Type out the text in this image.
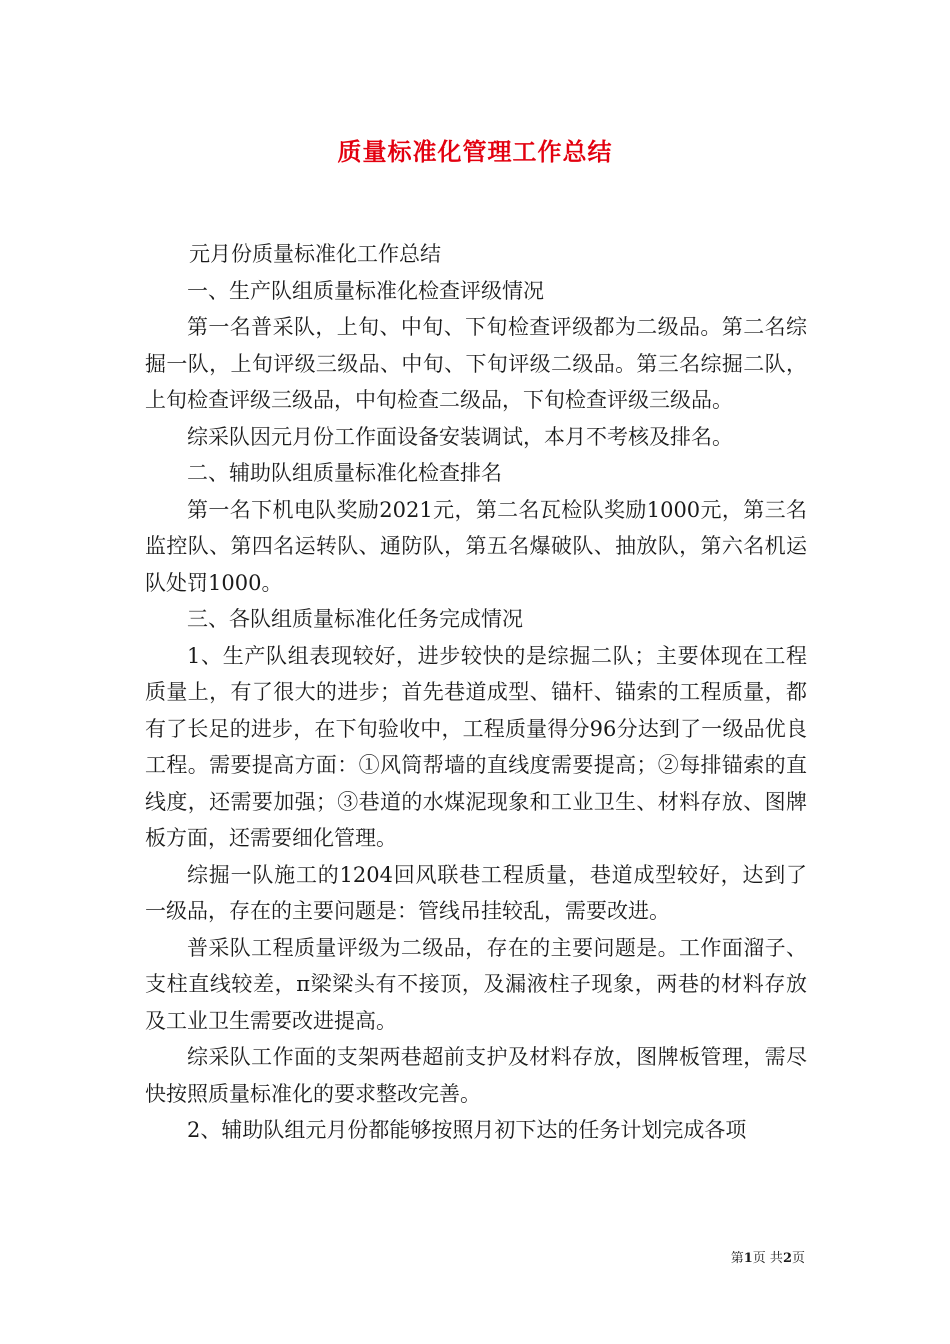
质量标准化管理工作总结

元月份质量标准化工作总结

一、生产队组质量标准化检查评级情况

第一名普采队，上旬、中旬、下旬检查评级都为二级品。第二名综掘一队，上旬评级三级品、中旬、下旬评级二级品。第三名综掘二队，上旬检查评级三级品，中旬检查二级品，下旬检查评级三级品。

综采队因元月份工作面设备安装调试，本月不考核及排名。

二、辅助队组质量标准化检查排名

第一名下机电队奖励2021元，第二名瓦检队奖励1000元，第三名监控队、第四名运转队、通防队，第五名爆破队、抽放队，第六名机运队处罚1000。

三、各队组质量标准化任务完成情况

1、生产队组表现较好，进步较快的是综掘二队；主要体现在工程质量上，有了很大的进步；首先巷道成型、锚杆、锚索的工程质量，都有了长足的进步，在下旬验收中，工程质量得分96分达到了一级品优良工程。需要提高方面：①风筒帮墙的直线度需要提高；②每排锚索的直线度，还需要加强；③巷道的水煤泥现象和工业卫生、材料存放、图牌板方面，还需要细化管理。

综掘一队施工的1204回风联巷工程质量，巷道成型较好，达到了一级品，存在的主要问题是：管线吊挂较乱，需要改进。

普采队工程质量评级为二级品，存在的主要问题是。工作面溜子、支柱直线较差，π梁梁头有不接顶，及漏液柱子现象，两巷的材料存放及工业卫生需要改进提高。

综采队工作面的支架两巷超前支护及材料存放，图牌板管理，需尽快按照质量标准化的要求整改完善。

2、辅助队组元月份都能够按照月初下达的任务计划完成各项

第1页 共2页
